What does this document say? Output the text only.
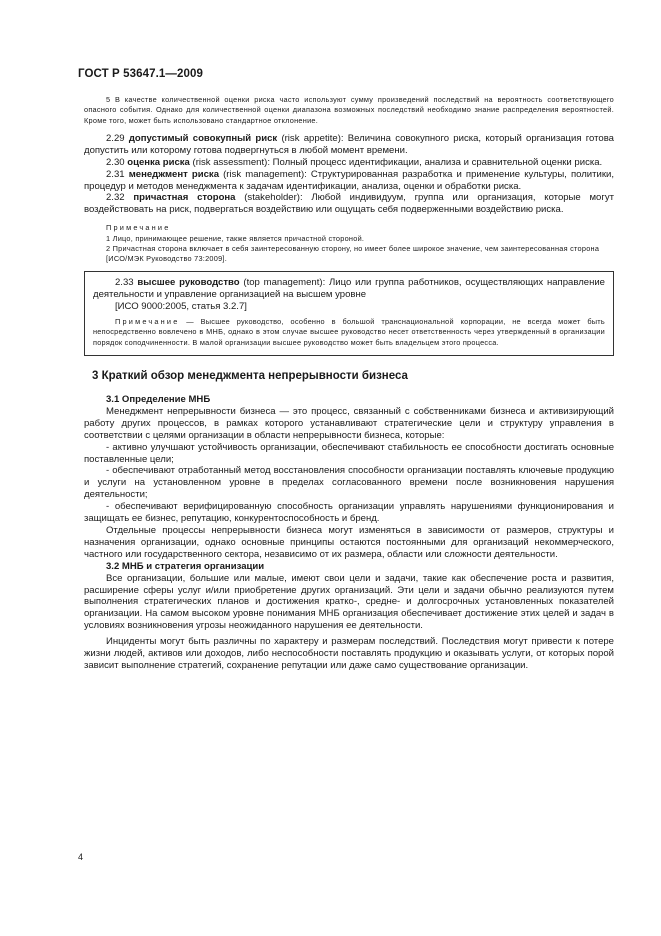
ГОСТ Р 53647.1—2009

5 В качестве количественной оценки риска часто используют сумму произведений последствий на вероятность соответствующего опасного события. Однако для количественной оценки диапазона возможных последствий необходимо знание распределения вероятностей. Кроме того, может быть использовано стандартное отклонение.

2.29 допустимый совокупный риск (risk appetite): Величина совокупного риска, который организация готова допустить или которому готова подвергнуться в любой момент времени.

2.30 оценка риска (risk assessment): Полный процесс идентификации, анализа и сравнительной оценки риска.

2.31 менеджмент риска (risk management): Структурированная разработка и применение культуры, политики, процедур и методов менеджмента к задачам идентификации, анализа, оценки и обработки риска.

2.32 причастная сторона (stakeholder): Любой индивидуум, группа или организация, которые могут воздействовать на риск, подвергаться воздействию или ощущать себя подверженными воздействию риска.

Примечание

1 Лицо, принимающее решение, также является причастной стороной.

2 Причастная сторона включает в себя заинтересованную сторону, но имеет более широкое значение, чем заинтересованная сторона

[ИСО/МЭК Руководство 73:2009].

2.33 высшее руководство (top management): Лицо или группа работников, осуществляющих направление деятельности и управление организацией на высшем уровне

[ИСО 9000:2005, статья 3.2.7]

Примечание — Высшее руководство, особенно в большой транснациональной корпорации, не всегда может быть непосредственно вовлечено в МНБ, однако в этом случае высшее руководство несет ответственность через утвержденный в организации порядок соподчиненности. В малой организации высшее руководство может быть владельцем этого процесса.

3 Краткий обзор менеджмента непрерывности бизнеса

3.1 Определение МНБ

Менеджмент непрерывности бизнеса — это процесс, связанный с собственниками бизнеса и активизирующий работу других процессов, в рамках которого устанавливают стратегические цели и структуру управления в соответствии с целями организации в области непрерывности бизнеса, которые:

- активно улучшают устойчивость организации, обеспечивают стабильность ее способности достигать основные поставленные цели;

- обеспечивают отработанный метод восстановления способности организации поставлять ключевые продукцию и услуги на установленном уровне в пределах согласованного времени после возникновения нарушения деятельности;

- обеспечивают верифицированную способность организации управлять нарушениями функционирования и защищать ее бизнес, репутацию, конкурентоспособность и бренд.

Отдельные процессы непрерывности бизнеса могут изменяться в зависимости от размеров, структуры и назначения организации, однако основные принципы остаются постоянными для организаций некоммерческого, частного или государственного сектора, независимо от их размера, области или сложности деятельности.

3.2 МНБ и стратегия организации

Все организации, большие или малые, имеют свои цели и задачи, такие как обеспечение роста и развития, расширение сферы услуг и/или приобретение других организаций. Эти цели и задачи обычно реализуются путем выполнения стратегических планов и достижения кратко-, средне- и долгосрочных установленных показателей организации. На самом высоком уровне понимания МНБ организация обеспечивает достижение этих целей и задач в условиях возникновения угрозы неожиданного нарушения ее деятельности.

Инциденты могут быть различны по характеру и размерам последствий. Последствия могут привести к потере жизни людей, активов или доходов, либо неспособности поставлять продукцию и оказывать услуги, от которых порой зависит выполнение стратегий, сохранение репутации или даже само существование организации.

4
